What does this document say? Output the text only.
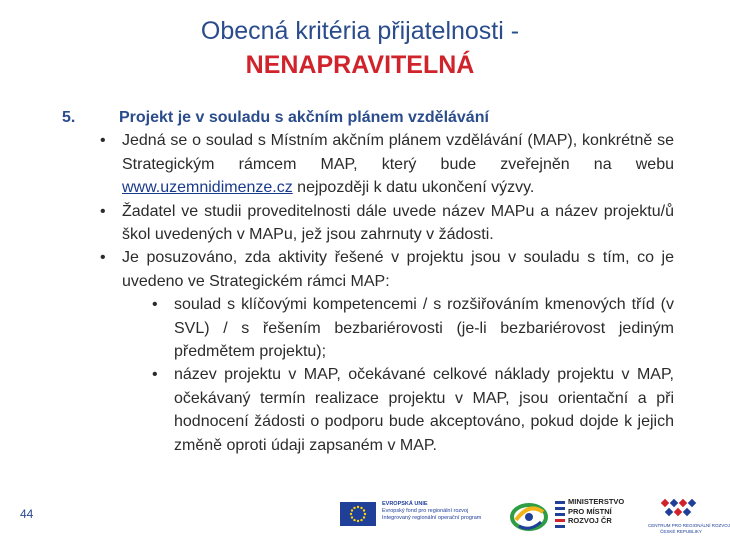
Obecná kritéria přijatelnosti -
NENAPRAVITELNÁ
5.	Projekt je v souladu s akčním plánem vzdělávání
• Jedná se o soulad s Místním akčním plánem vzdělávání (MAP), konkrétně se Strategickým rámcem MAP, který bude zveřejněn na webu www.uzemnidimenze.cz nejpozději k datu ukončení výzvy.
• Žadatel ve studii proveditelnosti dále uvede název MAPu a název projektu/ů škol uvedených v MAPu, jež jsou zahrnuty v žádosti.
• Je posuzováno, zda aktivity řešené v projektu jsou v souladu s tím, co je uvedeno ve Strategickém rámci MAP:
• soulad s klíčovými kompetencemi / s rozšiřováním kmenových tříd (v SVL) / s řešením bezbariérovosti (je-li bezbariérovost jediným předmětem projektu);
• název projektu v MAP, očekávané celkové náklady projektu v MAP, očekávaný termín realizace projektu v MAP, jsou orientační a při hodnocení žádosti o podporu bude akceptováno, pokud dojde k jejich změně oproti údaji zapsaném v MAP.
44
EVROPSKÁ UNIE
Evropský fond pro regionální rozvoj
Integrovaný regionální operační program
MINISTERSTVO
PRO MÍSTNÍ
ROZVOJ ČR
CENTRUM PRO REGIONÁLNÍ ROZVOJ
ČESKÉ REPUBLIKY
